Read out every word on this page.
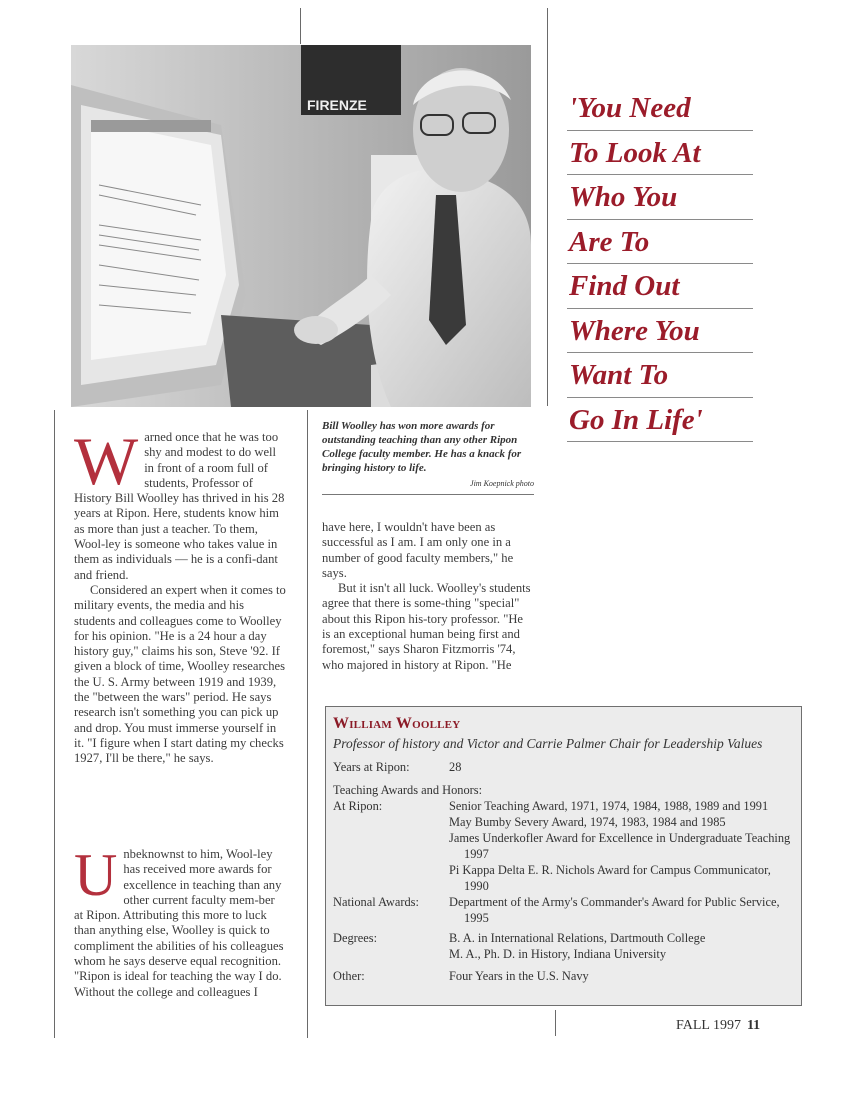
FIRENZE	'You Need
To Look At
Who You
Are To
Find Out
Where You
Want To
Go In Life'
Bill Woolley has won more awards for outstanding teaching than any other Ripon College faculty member. He has a knack for bringing history to life.
Jim Koepnick photo

Warned once that he was too shy and modest to do well in front of a room full of students, Professor of History Bill Woolley has thrived in his 28 years at Ripon. Here, students know him as more than just a teacher. To them, Wool-ley is someone who takes value in them as individuals — he is a confi-dant and friend.

Considered an expert when it comes to military events, the media and his students and colleagues come to Woolley for his opinion. "He is a 24 hour a day history guy," claims his son, Steve '92. If given a block of time, Woolley researches the U. S. Army between 1919 and 1939, the "between the wars" period. He says research isn't something you can pick up and drop. You must immerse yourself in it. "I figure when I start dating my checks 1927, I'll be there," he says.

Unbeknownst to him, Wool-ley has received more awards for excellence in teaching than any other current faculty mem-ber at Ripon. Attributing this more to luck than anything else, Woolley is quick to compliment the abilities of his colleagues whom he says deserve equal recognition. "Ripon is ideal for teaching the way I do. Without the college and colleagues I

have here, I wouldn't have been as successful as I am. I am only one in a number of good faculty members," he says.

But it isn't all luck. Woolley's students agree that there is some-thing "special" about this Ripon his-tory professor. "He is an exceptional human being first and foremost," says Sharon Fitzmorris '74, who majored in history at Ripon. "He

William Woolley
Professor of history and Victor and Carrie Palmer Chair for Leadership Values
Years at Ripon:	28
Teaching Awards and Honors:
At Ripon:	Senior Teaching Award, 1971, 1974, 1984, 1988, 1989 and 1991
May Bumby Severy Award, 1974, 1983, 1984 and 1985
James Underkofler Award for Excellence in Undergraduate Teaching 1997
Pi Kappa Delta E. R. Nichols Award for Campus Communicator, 1990
National Awards:	Department of the Army's Commander's Award for Public Service, 1995
Degrees:	B. A. in International Relations, Dartmouth College
M. A., Ph. D. in History, Indiana University
Other:	Four Years in the U.S. Navy
FALL 1997 11
